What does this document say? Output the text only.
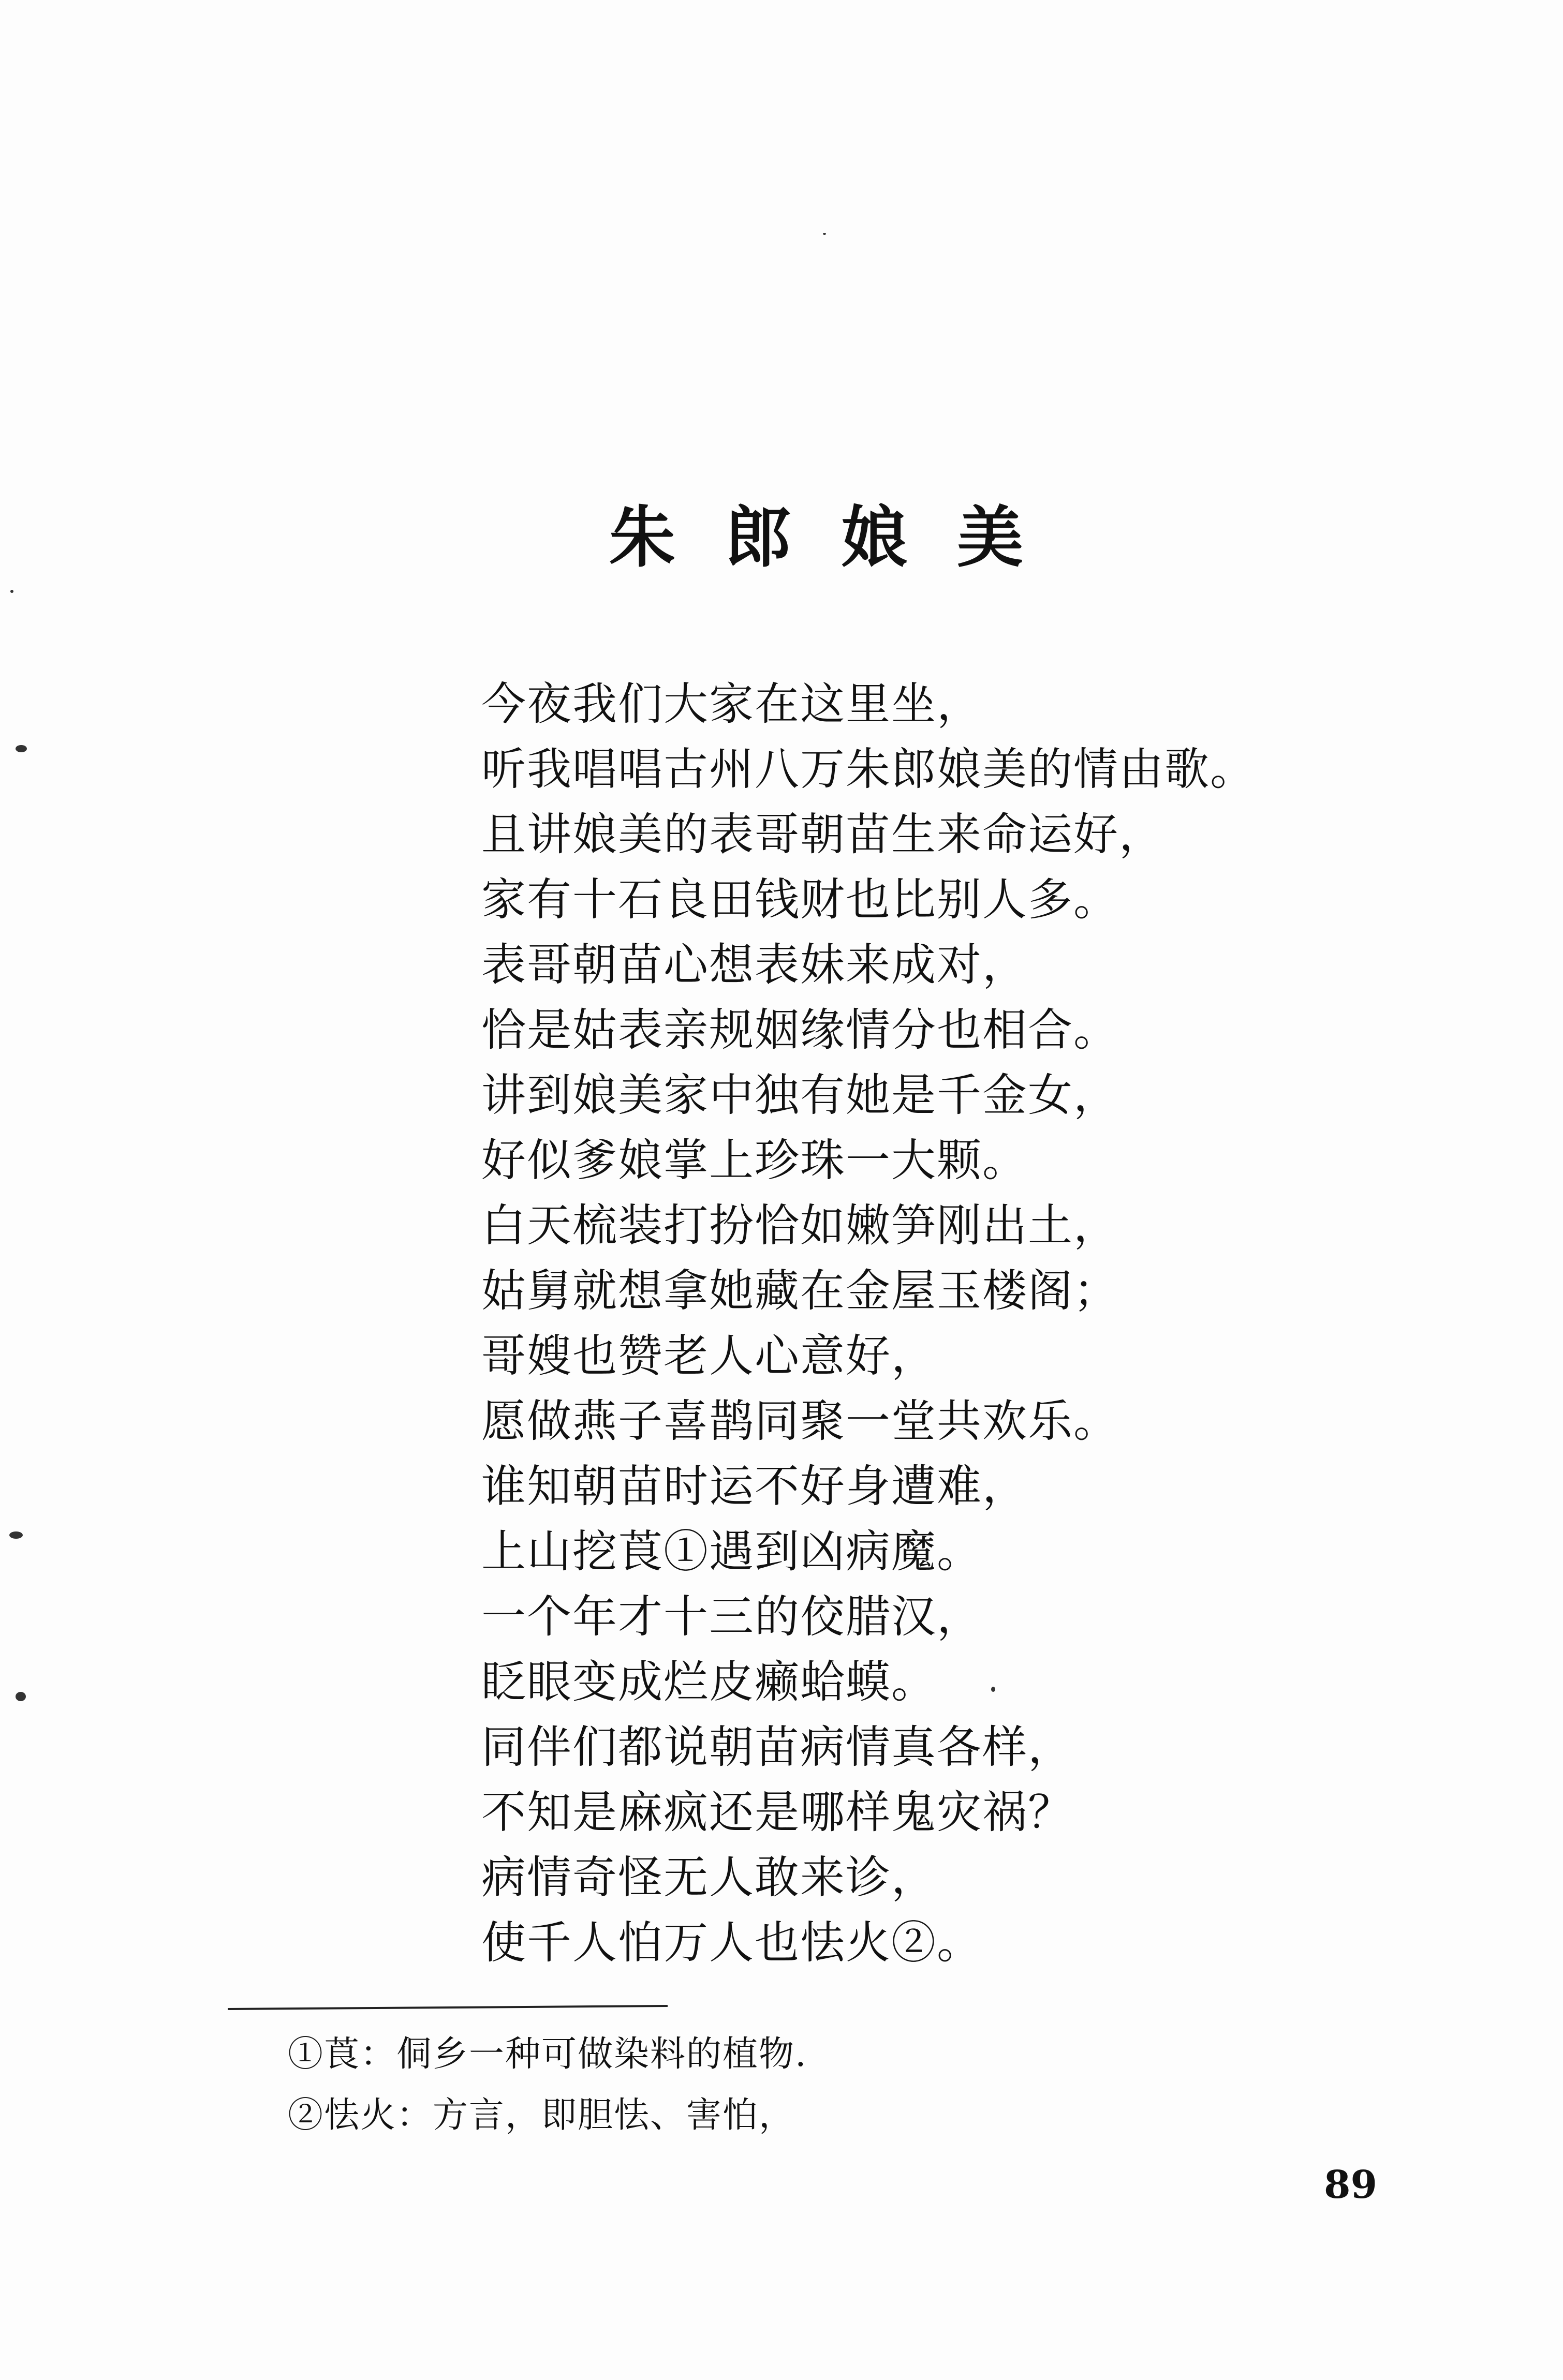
朱郎娘美
今夜我们大家在这里坐，
听我唱唱古州八万朱郎娘美的情由歌。
且讲娘美的表哥朝苗生来命运好，
家有十石良田钱财也比别人多。
表哥朝苗心想表妹来成对，
恰是姑表亲规姻缘情分也相合。
讲到娘美家中独有她是千金女，
好似爹娘掌上珍珠一大颗。
白天梳装打扮恰如嫩笋刚出土，
姑舅就想拿她藏在金屋玉楼阁；
哥嫂也赞老人心意好，
愿做燕子喜鹊同聚一堂共欢乐。
谁知朝苗时运不好身遭难，
上山挖莨①遇到凶病魔。
一个年才十三的佼腊汉，
眨眼变成烂皮癞蛤蟆。
同伴们都说朝苗病情真各样，
不知是麻疯还是哪样鬼灾祸？
病情奇怪无人敢来诊，
使千人怕万人也怯火②。
①莨：侗乡一种可做染料的植物.
②怯火：方言，即胆怯、害怕，
89
